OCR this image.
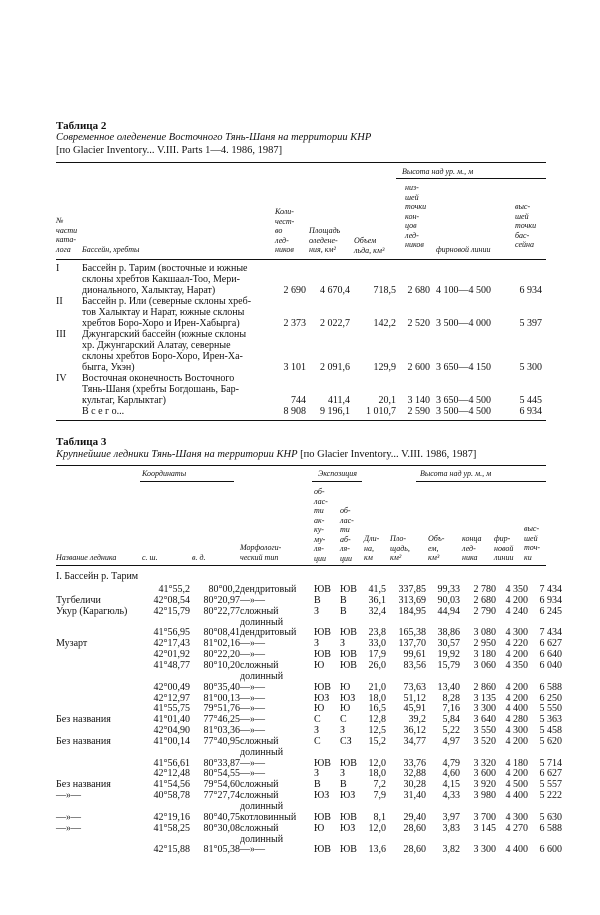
Таблица 2
Современное оледенение Восточного Тянь-Шаня на территории КНР
[по Glacier Inventory... V.III. Parts 1—4. 1986, 1987]
Высота над ур. м., м
№
части
ката-
лога	Бассейн, хребты
Коли-
чест-
во
лед-
ников
Площадь
оледене-
ния, км²
Объем
льда, км³
низ-
шей
точки
кон-
цов
лед-
ников
фирновой линии
выс-
шей
точки
бас-
сейна
I Бассейн р. Тарим (восточные и южные
склоны хребтов Какшаал-Тоо, Мери-
дионального, Халыктау, Нарат)	2 690	4 670,4	718,5	2 680 4 100—4 500	6 934
II Бассейн р. Или (северные склоны хреб-
тов Халыктау и Нарат, южные склоны
хребтов Боро-Хоро и Ирен-Хабырга)	2 373	2 022,7	142,2	2 520 3 500—4 000	5 397
III Джунгарский бассейн (южные склоны
хр. Джунгарский Алатау, северные
склоны хребтов Боро-Хоро, Ирен-Ха-
быrга, Укэн)	3 101	2 091,6	129,9	2 600 3 650—4 150	5 300
IV Восточная оконечность Восточного
Тянь-Шаня (хребты Богдошань, Бар-
культаг, Карлыктаг)	744	411,4	20,1	3 140 3 650—4 500	5 445
В с е г о...	8 908	9 196,1	1 010,7	2 590 3 500—4 500	6 934
Таблица 3
Крупнейшие ледники Тянь-Шаня на территории КНР [по Glacier Inventory... V.III. 1986, 1987]
Координаты	Экспозиция	Высота над ур. м., м
Название ледника	с. ш.	в. д.
Морфологи-
ческий тип
об-
лас-
ти
ак-
ку-
му-
ля-
ции
об-
лас-
ти
аб-
ля-
ции
Дли-
на,
км
Пло-
щадь,
км²
Объ-
ем,
км³
конца
лед-
ника
фир-
новой
линии
выс-
шей
точ-
ки
I. Бассейн р. Тарим
41°55,2	80°00,2 дендритовый	ЮВ ЮВ	41,5	337,85	99,33	2 780 4 350	7 434
Тугбеличи	42°08,54	80°20,97 —»—	В	В	36,1	313,69	90,03	2 680 4 200	6 934
Укур (Карагюль)	42°15,79	80°22,77 сложный	З	В	32,4	184,95	44,94	2 790 4 240	6 245
долинный
41°56,95	80°08,41 дендритовый	ЮВ ЮВ	23,8	165,38	38,86	3 080 4 300	7 434
Музарт	42°17,43	81°02,16 —»—	З	З	33,0	137,70	30,57	2 950 4 220	6 627
42°01,92	80°22,20 —»—	ЮВ ЮВ	17,9	99,61	19,92	3 180 4 200	6 640
41°48,77	80°10,20 сложный	Ю	ЮВ	26,0	83,56	15,79	3 060 4 350	6 040
долинный
42°00,49	80°35,40 —»—	ЮВ Ю	21,0	73,63	13,40	2 860 4 200	6 588
42°12,97	81°00,13 —»—	ЮЗ	ЮЗ	18,0	51,12	8,28	3 135 4 200	6 250
41°55,75	79°51,76 —»—	Ю	Ю	16,5	45,91	7,16	3 300 4 400	5 550
Без названия	41°01,40	77°46,25 —»—	С	С	12,8	39,2	5,84	3 640 4 280	5 363
42°04,90	81°03,36 —»—	З	З	12,5	36,12	5,22	3 550 4 300	5 458
Без названия	41°00,14	77°40,95 сложный	С	СЗ	15,2	34,77	4,97	3 520 4 200	5 620
долинный
41°56,61	80°33,87 —»—	ЮВ ЮВ	12,0	33,76	4,79	3 320 4 180	5 714
42°12,48	80°54,55 —»—	З	З	18,0	32,88	4,60	3 600 4 200	6 627
Без названия	41°54,56	79°54,60 сложный	В	В	7,2	30,28	4,15	3 920 4 500	5 557
—»—	40°58,78	77°27,74 сложный	ЮЗ	ЮЗ	7,9	31,40	4,33	3 980 4 400	5 222
долинный
—»—	42°19,16	80°40,75 котловинный	ЮВ ЮВ	8,1	29,40	3,97	3 700 4 300	5 630
—»—	41°58,25	80°30,08 сложный	Ю	ЮЗ	12,0	28,60	3,83	3 145 4 270	6 588
долинный
42°15,88	81°05,38 —»—	ЮВ ЮВ	13,6	28,60	3,82	3 300 4 400	6 600
